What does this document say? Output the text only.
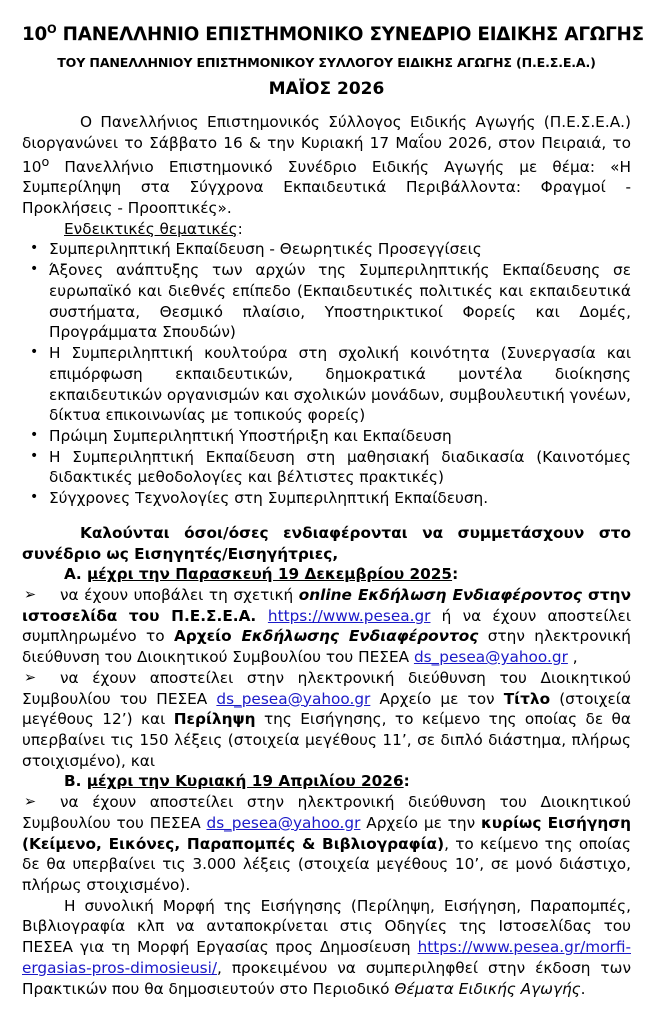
$10^O$ ΠΑΝΕΛΛΗΝΙΟ ΕΠΙΣΤΗΜΟΝΙΚΟ ΣΥΝΕΔΡΙΟ ΕΙΔΙΚΗΣ ΑΓΩΓΗΣ
ΤΟΥ ΠΑΝΕΛΛΗΝΙΟΥ ΕΠΙΣΤΗΜΟΝΙΚΟΥ ΣΥΛΛΟΓΟΥ ΕΙΔΙΚΗΣ ΑΓΩΓΗΣ (Π.Ε.Σ.Ε.Α.)
ΜΑΪΟΣ 2026

Ο Πανελλήνιος Επιστημονικός Σύλλογος Ειδικής Αγωγής (Π.Ε.Σ.Ε.Α.) διοργανώνει το Σάββατο 16 & την Κυριακή 17 Μαΐου 2026, στον Πειραιά, το $10^o$ Πανελλήνιο Επιστημονικό Συνέδριο Ειδικής Αγωγής με θέμα: «Η Συμπερίληψη στα Σύγχρονα Εκπαιδευτικά Περιβάλλοντα: Φραγμοί - Προκλήσεις - Προοπτικές».

Ενδεικτικές θεματικές:

• Συμπεριληπτική Εκπαίδευση - Θεωρητικές Προσεγγίσεις

• Άξονες ανάπτυξης των αρχών της Συμπεριληπτικής Εκπαίδευσης σε ευρωπαϊκό και διεθνές επίπεδο (Εκπαιδευτικές πολιτικές και εκπαιδευτικά συστήματα, Θεσμικό πλαίσιο, Υποστηρικτικοί Φορείς και Δομές, Προγράμματα Σπουδών)

• Η Συμπεριληπτική κουλτούρα στη σχολική κοινότητα (Συνεργασία και επιμόρφωση εκπαιδευτικών, δημοκρατικά μοντέλα διοίκησης εκπαιδευτικών οργανισμών και σχολικών μονάδων, συμβουλευτική γονέων, δίκτυα επικοινωνίας με τοπικούς φορείς)

• Πρώιμη Συμπεριληπτική Υποστήριξη και Εκπαίδευση

• Η Συμπεριληπτική Εκπαίδευση στη μαθησιακή διαδικασία (Καινοτόμες διδακτικές μεθοδολογίες και βέλτιστες πρακτικές)

• Σύγχρονες Τεχνολογίες στη Συμπεριληπτική Εκπαίδευση.

Καλούνται όσοι/όσες ενδιαφέρονται να συμμετάσχουν στο συνέδριο ως Εισηγητές/Εισηγήτριες,

Α. μέχρι την Παρασκευή 19 Δεκεμβρίου 2025:

➢ να έχουν υποβάλει τη σχετική online Εκδήλωση Ενδιαφέροντος στην ιστοσελίδα του Π.Ε.Σ.Ε.Α. https://www.pesea.gr ή να έχουν αποστείλει συμπληρωμένο το Αρχείο Εκδήλωσης Ενδιαφέροντος στην ηλεκτρονική διεύθυνση του Διοικητικού Συμβουλίου του ΠΕΣΕΑ ds_pesea@yahoo.gr ,

➢ να έχουν αποστείλει στην ηλεκτρονική διεύθυνση του Διοικητικού Συμβουλίου του ΠΕΣΕΑ ds_pesea@yahoo.gr Αρχείο με τον Τίτλο (στοιχεία μεγέθους 12’) και Περίληψη της Εισήγησης, το κείμενο της οποίας δε θα υπερβαίνει τις 150 λέξεις (στοιχεία μεγέθους 11’, σε διπλό διάστημα, πλήρως στοιχισμένο), και

Β. μέχρι την Κυριακή 19 Απριλίου 2026:

➢ να έχουν αποστείλει στην ηλεκτρονική διεύθυνση του Διοικητικού Συμβουλίου του ΠΕΣΕΑ ds_pesea@yahoo.gr Αρχείο με την κυρίως Εισήγηση (Κείμενο, Εικόνες, Παραπομπές & Βιβλιογραφία), το κείμενο της οποίας δε θα υπερβαίνει τις 3.000 λέξεις (στοιχεία μεγέθους 10’, σε μονό διάστιχο, πλήρως στοιχισμένο).

Η συνολική Μορφή της Εισήγησης (Περίληψη, Εισήγηση, Παραπομπές, Βιβλιογραφία κλπ να ανταποκρίνεται στις Οδηγίες της Ιστοσελίδας του ΠΕΣΕΑ για τη Μορφή Εργασίας προς Δημοσίευση https://www.pesea.gr/morfi-ergasias-pros-dimosieusi/, προκειμένου να συμπεριληφθεί στην έκδοση των Πρακτικών που θα δημοσιευτούν στο Περιοδικό Θέματα Ειδικής Αγωγής.
